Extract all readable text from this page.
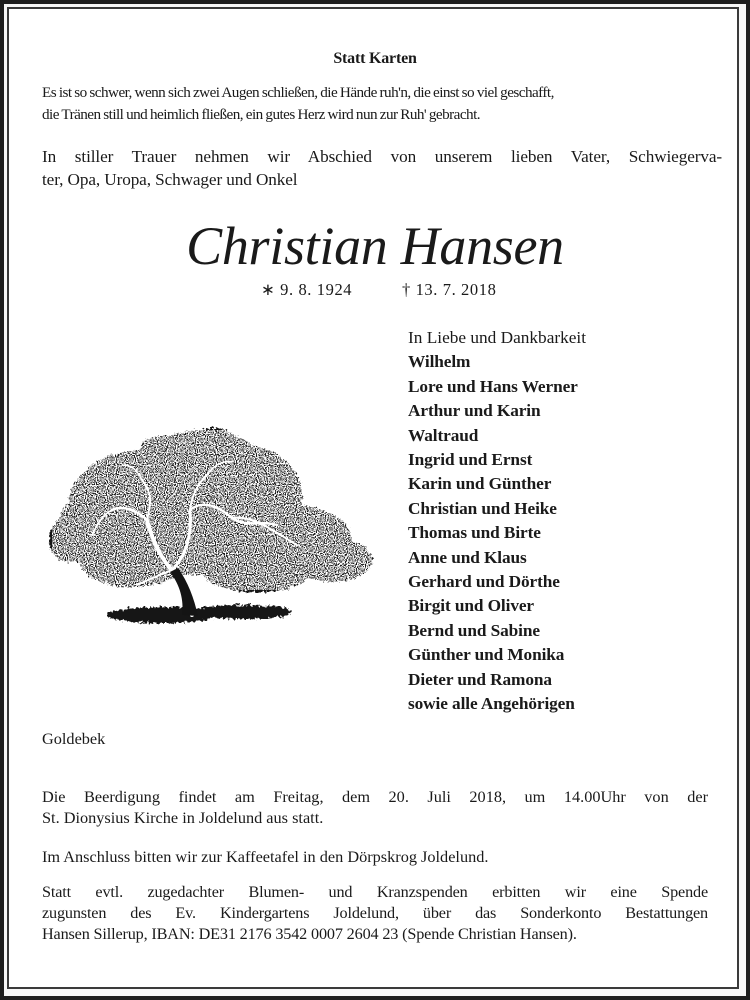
Statt Karten
Es ist so schwer, wenn sich zwei Augen schließen, die Hände ruh'n, die einst so viel geschafft,
die Tränen still und heimlich fließen, ein gutes Herz wird nun zur Ruh' gebracht.
In stiller Trauer nehmen wir Abschied von unserem lieben Vater, Schwiegerva-
ter, Opa, Uropa, Schwager und Onkel
Christian Hansen
∗ 9. 8. 1924	† 13. 7. 2018
In Liebe und Dankbarkeit
Wilhelm
Lore und Hans Werner
Arthur und Karin
Waltraud
Ingrid und Ernst
Karin und Günther
Christian und Heike
Thomas und Birte
Anne und Klaus
Gerhard und Dörthe
Birgit und Oliver
Bernd und Sabine
Günther und Monika
Dieter und Ramona
sowie alle Angehörigen
Goldebek
Die Beerdigung findet am Freitag, dem 20. Juli 2018, um 14.00Uhr von der
St. Dionysius Kirche in Joldelund aus statt.
Im Anschluss bitten wir zur Kaffeetafel in den Dörpskrog Joldelund.
Statt evtl. zugedachter Blumen- und Kranzspenden erbitten wir eine Spende
zugunsten des Ev. Kindergartens Joldelund, über das Sonderkonto Bestattungen
Hansen Sillerup, IBAN: DE31 2176 3542 0007 2604 23 (Spende Christian Hansen).
